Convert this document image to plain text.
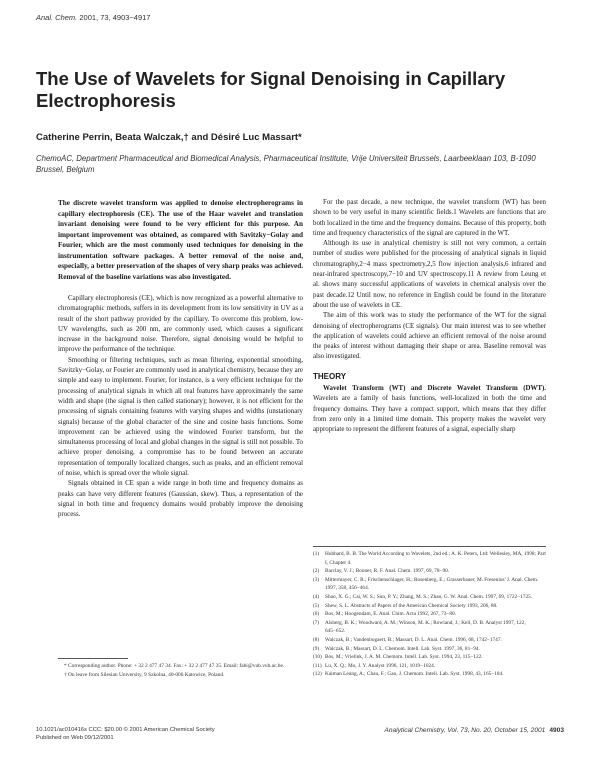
Anal. Chem. 2001, 73, 4903−4917
The Use of Wavelets for Signal Denoising in Capillary Electrophoresis
Catherine Perrin, Beata Walczak,† and Désiré Luc Massart*
ChemoAC, Department Pharmaceutical and Biomedical Analysis, Pharmaceutical Institute, Vrije Universiteit Brussels, Laarbeeklaan 103, B-1090 Brussel, Belgium

The discrete wavelet transform was applied to denoise electropherograms in capillary electrophoresis (CE). The use of the Haar wavelet and translation invariant denoising were found to be very efficient for this purpose. An important improvement was obtained, as compared with Savitzky−Golay and Fourier, which are the most commonly used techniques for denoising in the instrumentation software packages. A better removal of the noise and, especially, a better preservation of the shapes of very sharp peaks was achieved. Removal of the baseline variations was also investigated.

Capillary electrophoresis (CE), which is now recognized as a powerful alternative to chromatographic methods, suffers in its development from its low sensitivity in UV as a result of the short pathway provided by the capillary. To overcome this problem, low-UV wavelengths, such as 200 nm, are commonly used, which causes a significant increase in the background noise. Therefore, signal denoising would be helpful to improve the performance of the technique.

Smoothing or filtering techniques, such as mean filtering, exponential smoothing, Savitzky−Golay, or Fourier are commonly used in analytical chemistry, because they are simple and easy to implement. Fourier, for instance, is a very efficient technique for the processing of analytical signals in which all real features have approximately the same width and shape (the signal is then called stationary); however, it is not efficient for the processing of signals containing features with varying shapes and widths (unstationary signals) because of the global character of the sine and cosine basis functions. Some improvement can be achieved using the windowed Fourier transform, but the simultaneous processing of local and global changes in the signal is still not possible. To achieve proper denoising, a compromise has to be found between an accurate representation of temporally localized changes, such as peaks, and an efficient removal of noise, which is spread over the whole signal.

Signals obtained in CE span a wide range in both time and frequency domains as peaks can have very different features (Gaussian, skew). Thus, a representation of the signal in both time and frequency domains would probably improve the denoising process.

* Corresponding author. Phone: + 32 2 477 47 34. Fax: + 32 2 477 47 35. Email: fabi@vub.vub.ac.be.
† On leave from Silesian University, 9 Szkolna, 40-006 Katowice, Poland.

For the past decade, a new technique, the wavelet transform (WT) has been shown to be very useful in many scientific fields.1 Wavelets are functions that are both localized in the time and the frequency domains. Because of this property, both time and frequency characteristics of the signal are captured in the WT.

Although its use in analytical chemistry is still not very common, a certain number of studies were published for the processing of analytical signals in liquid chromatography,2−4 mass spectrometry,2,5 flow injection analysis,6 infrared and near-infrared spectroscopy,7−10 and UV spectroscopy.11 A review from Leung et al. shows many successful applications of wavelets in chemical analysis over the past decade.12 Until now, no reference in English could be found in the literature about the use of wavelets in CE.

The aim of this work was to study the performance of the WT for the signal denoising of electropherograms (CE signals). Our main interest was to see whether the application of wavelets could achieve an efficient removal of the noise around the peaks of interest without damaging their shape or area. Baseline removal was also investigated.

THEORY

Wavelet Transform (WT) and Discrete Wavelet Transform (DWT). Wavelets are a family of basis functions, well-localized in both the time and frequency domains. They have a compact support, which means that they differ from zero only in a limited time domain. This property makes the wavelet very appropriate to represent the different features of a signal, especially sharp

(1)	Hubbard, B. B. The World According to Wavelets, 2nd ed.; A. K. Peters, Ltd: Wellesley, MA, 1998; Part I, Chapter 4.
(2)	Barclay, V. J.; Bonner, R. F. Anal. Chem. 1997, 69, 78−90.
(3)	Mittermayer, C. R.; Frischenschlager, H.; Rosenberg, E.; Grasserbauer, M. Fresenius' J. Anal. Chem. 1997, 358, 456−464.
(4)	Shao, X. G.; Cai, W. S.; Sun, P. Y.; Zhang, M. S.; Zhao, G. W. Anal. Chem. 1997, 69, 1722−1725.
(5)	Shew, S. L. Abstracts of Papers of the American Chemical Society 1993, 206, 88.
(6)	Bos, M.; Hoogendam, E. Anal. Chim. Acta 1992, 267, 73−80.
(7)	Alsberg, B. K.; Woodward, A. M.; Winson, M. K.; Rowland, J.; Kell, D. B. Analyst 1997, 122, 645−652.
(8)	Walczak, B.; Vandenbogaert, B.; Massart, D. L. Anal. Chem. 1996, 68, 1742−1747.
(9)	Walczak, B.; Massart, D. L. Chemom. Intell. Lab. Syst. 1997, 36, 81−94.
(10) Bos, M.; Vrielink, J. A. M. Chemom. Intell. Lab. Syst. 1994, 23, 115−122.
(11) Lu, X. Q.; Mo, J. Y. Analyst 1996, 121, 1019−1024.
(12) Kaiman Leung, A.; Chau, F.; Gao, J. Chemom. Intell. Lab. Syst. 1998, 43, 165−184.
10.1021/ac010416s CCC: $20.00 © 2001 American Chemical Society
Published on Web 09/12/2001
Analytical Chemistry, Vol. 73, No. 20, October 15, 2001 4903
